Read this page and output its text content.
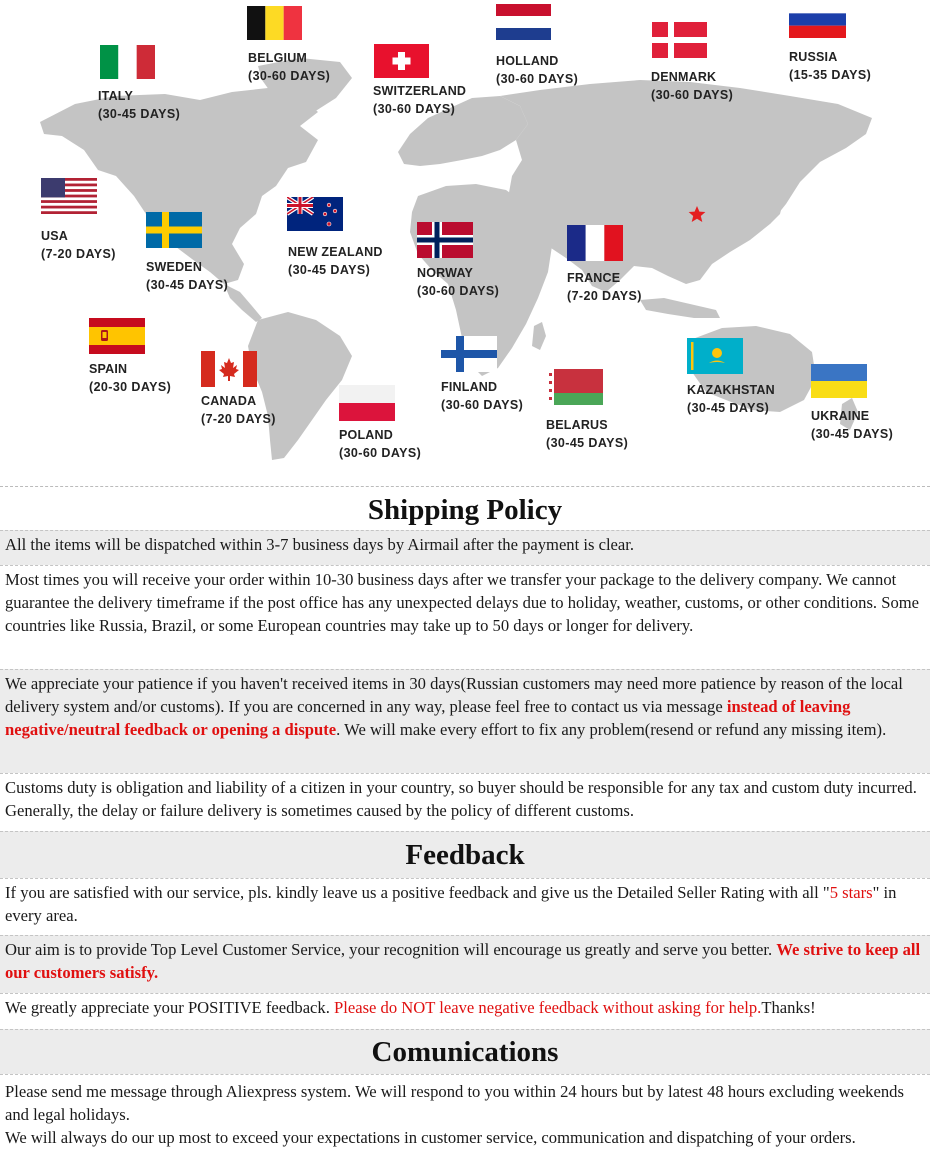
ITALY
(30-45 DAYS)
BELGIUM
(30-60 DAYS)
SWITZERLAND
(30-60 DAYS)
HOLLAND
(30-60 DAYS)	DENMARK
(30-60 DAYS)
RUSSIA
(15-35 DAYS)
USA
(7-20 DAYS)
SWEDEN
(30-45 DAYS)
NEW ZEALAND
(30-45 DAYS)	NORWAY
(30-60 DAYS)
FRANCE
(7-20 DAYS)
SPAIN
(20-30 DAYS)
CANADA
(7-20 DAYS)
POLAND
(30-60 DAYS)
FINLAND
(30-60 DAYS)
BELARUS
(30-45 DAYS)
KAZAKHSTAN
(30-45 DAYS)
UKRAINE
(30-45 DAYS)
Shipping Policy
All the items will be dispatched within 3-7 business days by Airmail after the payment is clear.
Most times you will receive your order within 10-30 business days after we transfer your package to the delivery company. We cannot guarantee the delivery timeframe if the post office has any unexpected delays due to holiday, weather, customs, or other conditions. Some countries like Russia, Brazil, or some European countries may take up to 50 days or longer for delivery.
We appreciate your patience if you haven't received items in 30 days(Russian customers may need more patience by reason of the local delivery system and/or customs). If you are concerned in any way, please feel free to contact us via message instead of leaving negative/neutral feedback or opening a dispute. We will make every effort to fix any problem(resend or refund any missing item).
Customs duty is obligation and liability of a citizen in your country, so buyer should be responsible for any tax and custom duty incurred. Generally, the delay or failure delivery is sometimes caused by the policy of different customs.
Feedback
If you are satisfied with our service, pls. kindly leave us a positive feedback and give us the Detailed Seller Rating with all "5 stars" in every area.
Our aim is to provide Top Level Customer Service, your recognition will encourage us greatly and serve you better. We strive to keep all our customers satisfy.
We greatly appreciate your POSITIVE feedback. Please do NOT leave negative feedback without asking for help.Thanks!
Comunications
Please send me message through Aliexpress system. We will respond to you within 24 hours but by latest 48 hours excluding weekends and legal holidays.
We will always do our up most to exceed your expectations in customer service, communication and dispatching of your orders.
